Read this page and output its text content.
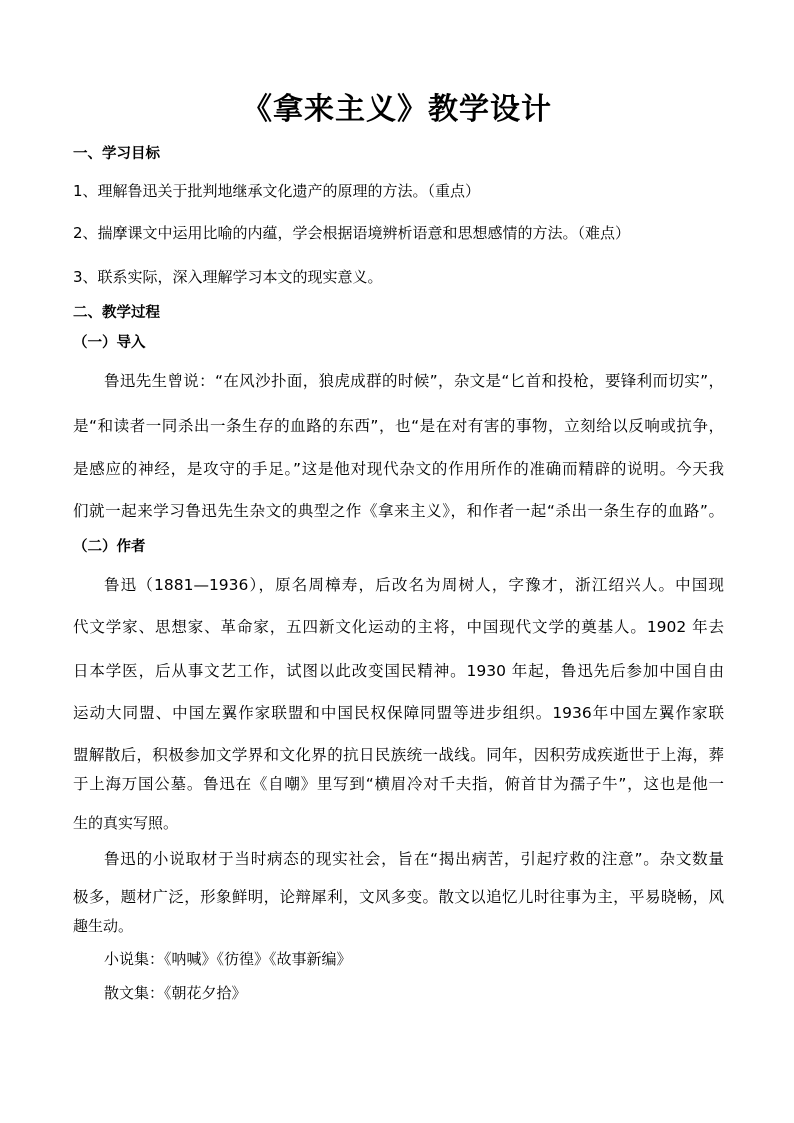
《拿来主义》教学设计
一、学习目标
1、理解鲁迅关于批判地继承文化遗产的原理的方法。（重点）
2、揣摩课文中运用比喻的内蕴，学会根据语境辨析语意和思想感情的方法。（难点）
3、联系实际，深入理解学习本文的现实意义。
二、教学过程
（一）导入
鲁迅先生曾说：“在风沙扑面，狼虎成群的时候”，杂文是“匕首和投枪，要锋利而切实”，
是“和读者一同杀出一条生存的血路的东西”，也“是在对有害的事物，立刻给以反响或抗争，
是感应的神经，是攻守的手足。”这是他对现代杂文的作用所作的准确而精辟的说明。今天我
们就一起来学习鲁迅先生杂文的典型之作《拿来主义》，和作者一起“杀出一条生存的血路”。
（二）作者
鲁迅（1881—1936），原名周樟寿，后改名为周树人，字豫才，浙江绍兴人。中国现
代文学家、思想家、革命家，五四新文化运动的主将，中国现代文学的奠基人。1902 年去
日本学医，后从事文艺工作，试图以此改变国民精神。1930 年起，鲁迅先后参加中国自由
运动大同盟、中国左翼作家联盟和中国民权保障同盟等进步组织。1936年中国左翼作家联
盟解散后，积极参加文学界和文化界的抗日民族统一战线。同年，因积劳成疾逝世于上海，葬
于上海万国公墓。鲁迅在《自嘲》里写到“横眉冷对千夫指，俯首甘为孺子牛”，这也是他一
生的真实写照。
鲁迅的小说取材于当时病态的现实社会，旨在“揭出病苦，引起疗救的注意”。杂文数量
极多，题材广泛，形象鲜明，论辩犀利，文风多变。散文以追忆儿时往事为主，平易晓畅，风
趣生动。
小说集：《呐喊》《彷徨》《故事新编》
散文集：《朝花夕拾》
